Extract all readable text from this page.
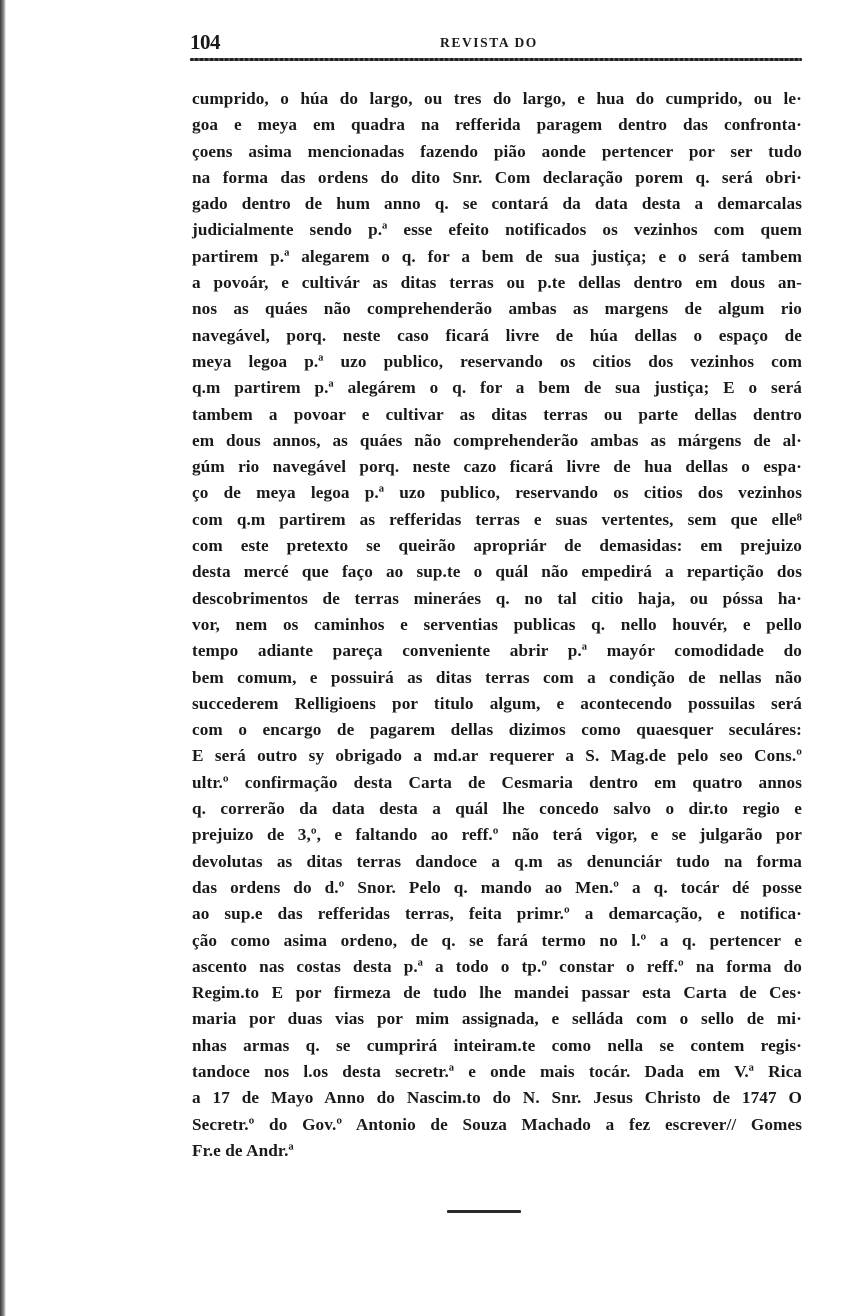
104	REVISTA DO
cumprido, o húa do largo, ou tres do largo, e hua do cumprido, ou le·
goa e meya em quadra na refferida paragem dentro das confronta·
çoens asima mencionadas fazendo pião aonde pertencer por ser tudo
na forma das ordens do dito Snr. Com declaração porem q. será obri·
gado dentro de hum anno q. se contará da data desta a demarcalas
judicialmente sendo p.ª esse efeito notificados os vezinhos com quem
partirem p.ª alegarem o q. for a bem de sua justiça; e o será tambem
a povoár, e cultivár as ditas terras ou p.te dellas dentro em dous an-
nos as quáes não comprehenderão ambas as margens de algum rio
navegável, porq. neste caso ficará livre de húa dellas o espaço de
meya legoa p.ª uzo publico, reservando os citios dos vezinhos com
q.m partirem p.ª alegárem o q. for a bem de sua justiça; E o será
tambem a povoar e cultivar as ditas terras ou parte dellas dentro
em dous annos, as quáes não comprehenderão ambas as márgens de al·
gúm rio navegável porq. neste cazo ficará livre de hua dellas o espa·
ço de meya legoa p.ª uzo publico, reservando os citios dos vezinhos
com q.m partirem as refferidas terras e suas vertentes, sem que elle⁸
com este pretexto se queirão apropriár de demasidas: em prejuizo
desta mercé que faço ao sup.te o quál não empedirá a repartição dos
descobrimentos de terras mineráes q. no tal citio haja, ou póssa ha·
vor, nem os caminhos e serventias publicas q. nello houvér, e pello
tempo adiante pareça conveniente abrir p.ª mayór comodidade do
bem comum, e possuirá as ditas terras com a condição de nellas não
succederem Relligioens por titulo algum, e acontecendo possuilas será
com o encargo de pagarem dellas dizimos como quaesquer seculáres:
E será outro sy obrigado a md.ar requerer a S. Mag.de pelo seo Cons.º
ultr.º confirmação desta Carta de Cesmaria dentro em quatro annos
q. correrão da data desta a quál lhe concedo salvo o dir.to regio e
prejuizo de 3,º, e faltando ao reff.º não terá vigor, e se julgarão por
devolutas as ditas terras dandoce a q.m as denunciár tudo na forma
das ordens do d.º Snor. Pelo q. mando ao Men.º a q. tocár dé posse
ao sup.e das refferidas terras, feita primr.º a demarcação, e notifica·
ção como asima ordeno, de q. se fará termo no l.º a q. pertencer e
ascento nas costas desta p.ª a todo o tp.º constar o reff.º na forma do
Regim.to E por firmeza de tudo lhe mandei passar esta Carta de Ces·
maria por duas vias por mim assignada, e selláda com o sello de mi·
nhas armas q. se cumprirá inteiram.te como nella se contem regis·
tandoce nos l.os desta secretr.ª e onde mais tocár. Dada em V.ª Rica
a 17 de Mayo Anno do Nascim.to do N. Snr. Jesus Christo de 1747 O
Secretr.º do Gov.º Antonio de Souza Machado a fez escrever// Gomes
Fr.e de Andr.ª
